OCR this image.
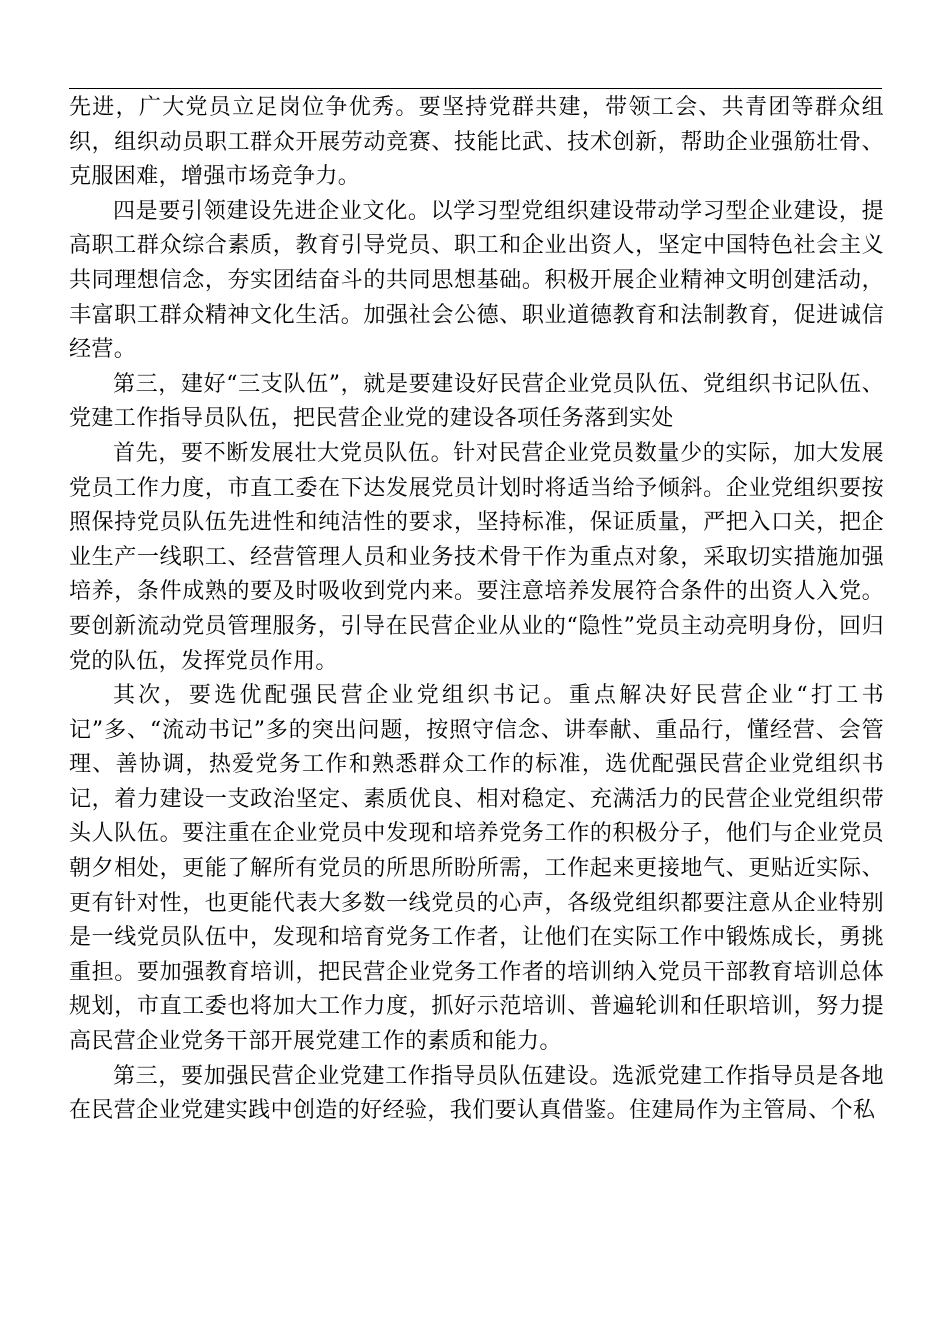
先进，广大党员立足岗位争优秀。要坚持党群共建，带领工会、共青团等群众组织，组织动员职工群众开展劳动竞赛、技能比武、技术创新，帮助企业强筋壮骨、克服困难，增强市场竞争力。

四是要引领建设先进企业文化。以学习型党组织建设带动学习型企业建设，提高职工群众综合素质，教育引导党员、职工和企业出资人，坚定中国特色社会主义共同理想信念，夯实团结奋斗的共同思想基础。积极开展企业精神文明创建活动，丰富职工群众精神文化生活。加强社会公德、职业道德教育和法制教育，促进诚信经营。

第三，建好“三支队伍”，就是要建设好民营企业党员队伍、党组织书记队伍、党建工作指导员队伍，把民营企业党的建设各项任务落到实处

首先，要不断发展壮大党员队伍。针对民营企业党员数量少的实际，加大发展党员工作力度，市直工委在下达发展党员计划时将适当给予倾斜。企业党组织要按照保持党员队伍先进性和纯洁性的要求，坚持标准，保证质量，严把入口关，把企业生产一线职工、经营管理人员和业务技术骨干作为重点对象，采取切实措施加强培养，条件成熟的要及时吸收到党内来。要注意培养发展符合条件的出资人入党。要创新流动党员管理服务，引导在民营企业从业的“隐性”党员主动亮明身份，回归党的队伍，发挥党员作用。

其次，要选优配强民营企业党组织书记。重点解决好民营企业“打工书记”多、“流动书记”多的突出问题，按照守信念、讲奉献、重品行，懂经营、会管理、善协调，热爱党务工作和熟悉群众工作的标准，选优配强民营企业党组织书记，着力建设一支政治坚定、素质优良、相对稳定、充满活力的民营企业党组织带头人队伍。要注重在企业党员中发现和培养党务工作的积极分子，他们与企业党员朝夕相处，更能了解所有党员的所思所盼所需，工作起来更接地气、更贴近实际、更有针对性，也更能代表大多数一线党员的心声，各级党组织都要注意从企业特别是一线党员队伍中，发现和培育党务工作者，让他们在实际工作中锻炼成长，勇挑重担。要加强教育培训，把民营企业党务工作者的培训纳入党员干部教育培训总体规划，市直工委也将加大工作力度，抓好示范培训、普遍轮训和任职培训，努力提高民营企业党务干部开展党建工作的素质和能力。

第三，要加强民营企业党建工作指导员队伍建设。选派党建工作指导员是各地在民营企业党建实践中创造的好经验，我们要认真借鉴。住建局作为主管局、个私
